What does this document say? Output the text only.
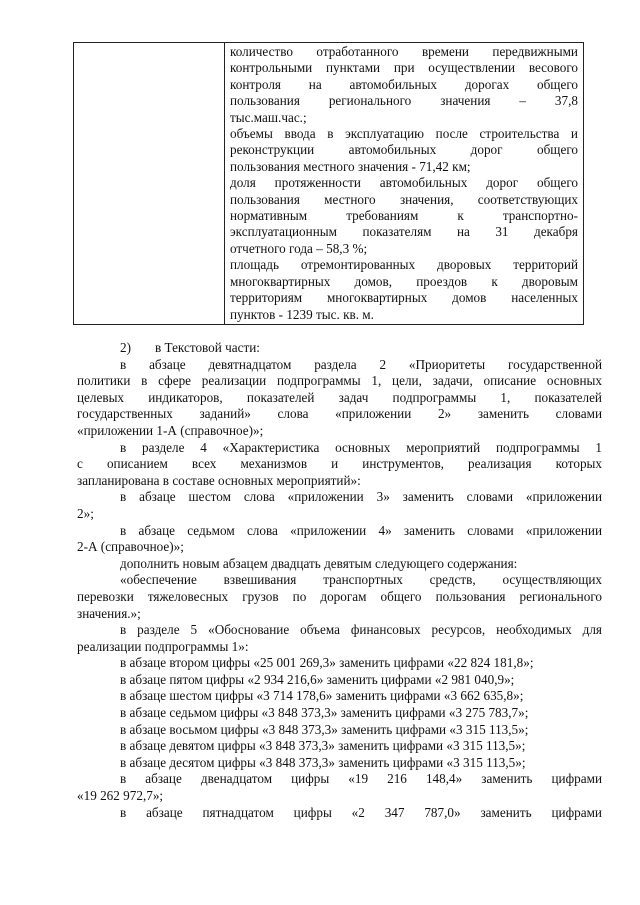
количество отработанного времени передвижными
контрольными пунктами при осуществлении весового
контроля на автомобильных дорогах общего
пользования регионального значения – 37,8
тыс.маш.час.;
объемы ввода в эксплуатацию после строительства и
реконструкции автомобильных дорог общего
пользования местного значения - 71,42 км;
доля протяженности автомобильных дорог общего
пользования местного значения, соответствующих
нормативным требованиям к транспортно-
эксплуатационным показателям на 31 декабря
отчетного года – 58,3 %;
площадь отремонтированных дворовых территорий
многоквартирных домов, проездов к дворовым
территориям многоквартирных домов населенных
пунктов - 1239 тыс. кв. м.
2) в Текстовой части:
в абзаце девятнадцатом раздела 2 «Приоритеты государственной
политики в сфере реализации подпрограммы 1, цели, задачи, описание основных
целевых индикаторов, показателей задач подпрограммы 1, показателей
государственных заданий» слова «приложении 2» заменить словами
«приложении 1-А (справочное)»;
в разделе 4 «Характеристика основных мероприятий подпрограммы 1
с описанием всех механизмов и инструментов, реализация которых
запланирована в составе основных мероприятий»:
в абзаце шестом слова «приложении 3» заменить словами «приложении
2»;
в абзаце седьмом слова «приложении 4» заменить словами «приложении
2-А (справочное)»;
дополнить новым абзацем двадцать девятым следующего содержания:
«обеспечение взвешивания транспортных средств, осуществляющих
перевозки тяжеловесных грузов по дорогам общего пользования регионального
значения.»;
в разделе 5 «Обоснование объема финансовых ресурсов, необходимых для
реализации подпрограммы 1»:
в абзаце втором цифры «25 001 269,3» заменить цифрами «22 824 181,8»;
в абзаце пятом цифры «2 934 216,6» заменить цифрами «2 981 040,9»;
в абзаце шестом цифры «3 714 178,6» заменить цифрами «3 662 635,8»;
в абзаце седьмом цифры «3 848 373,3» заменить цифрами «3 275 783,7»;
в абзаце восьмом цифры «3 848 373,3» заменить цифрами «3 315 113,5»;
в абзаце девятом цифры «3 848 373,3» заменить цифрами «3 315 113,5»;
в абзаце десятом цифры «3 848 373,3» заменить цифрами «3 315 113,5»;
в абзаце двенадцатом цифры «19 216 148,4» заменить цифрами
«19 262 972,7»;
в абзаце пятнадцатом цифры «2 347 787,0» заменить цифрами
